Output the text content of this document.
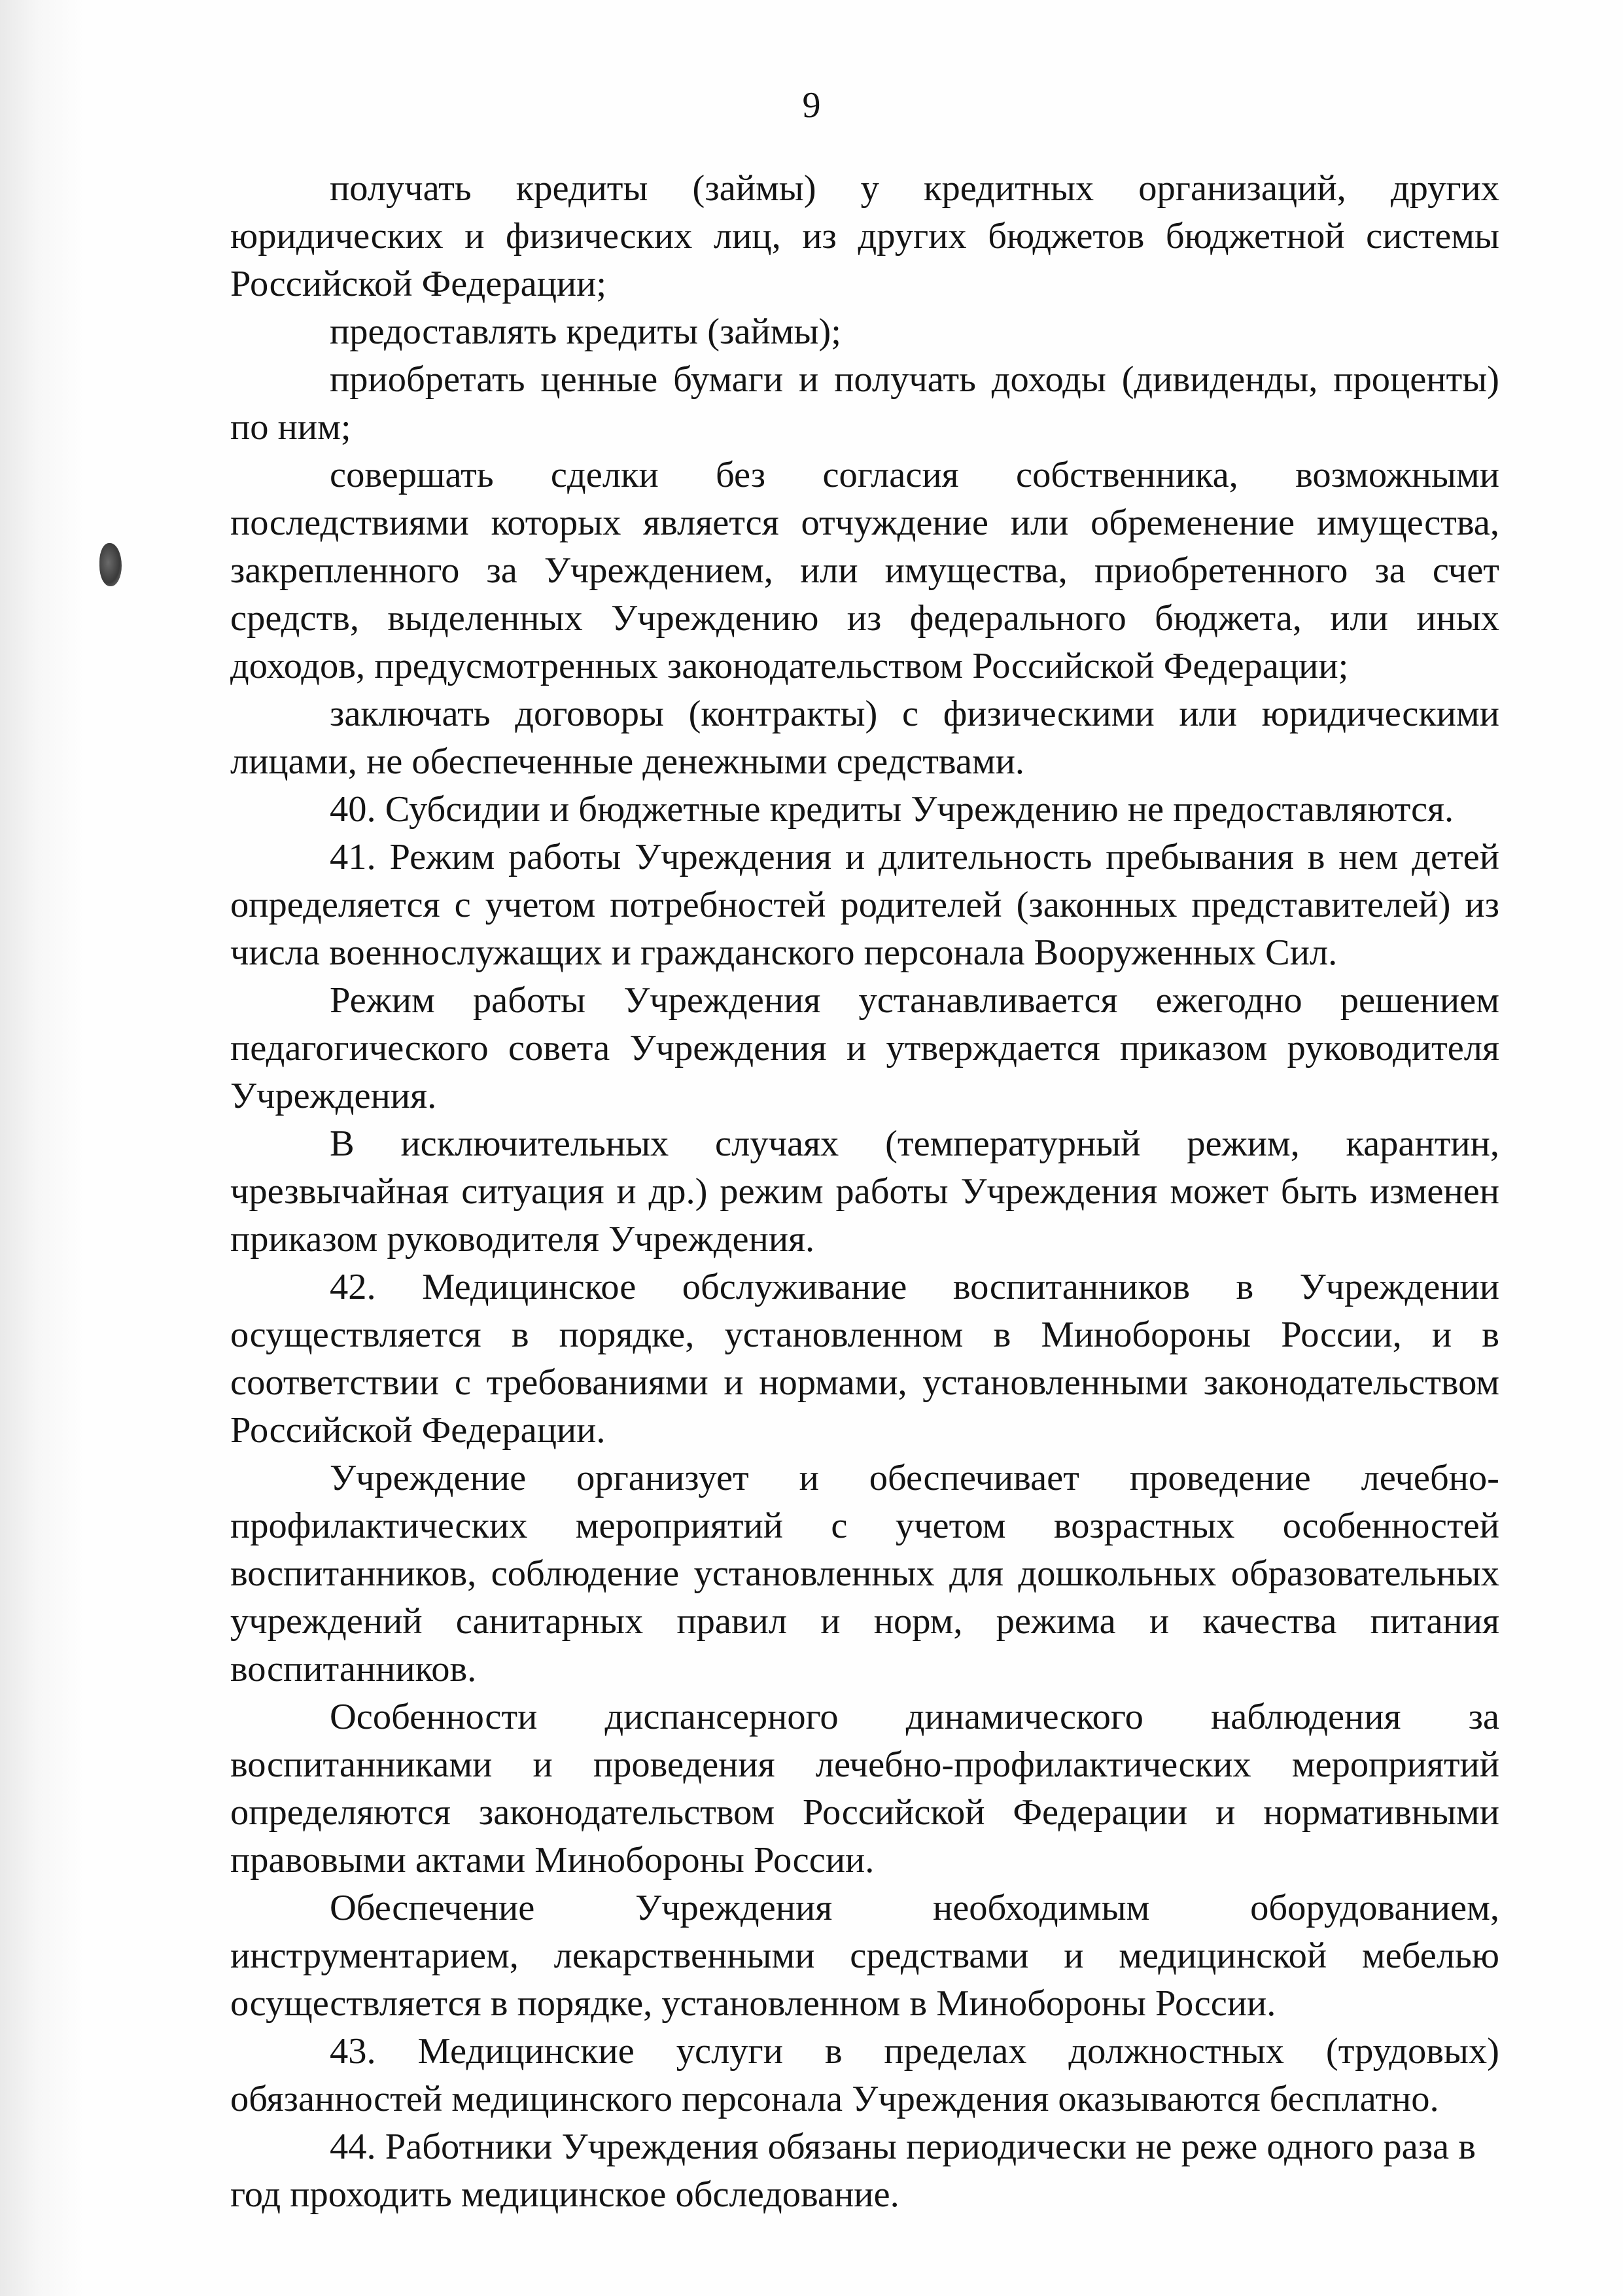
9

получать кредиты (займы) у кредитных организаций, других юридических и физических лиц, из других бюджетов бюджетной системы Российской Федерации;

предоставлять кредиты (займы);

приобретать ценные бумаги и получать доходы (дивиденды, проценты) по ним;

совершать сделки без согласия собственника, возможными последствиями которых является отчуждение или обременение имущества, закрепленного за Учреждением, или имущества, приобретенного за счет средств, выделенных Учреждению из федерального бюджета, или иных доходов, предусмотренных законодательством Российской Федерации;

заключать договоры (контракты) с физическими или юридическими лицами, не обеспеченные денежными средствами.

40. Субсидии и бюджетные кредиты Учреждению не предоставляются.

41. Режим работы Учреждения и длительность пребывания в нем детей определяется с учетом потребностей родителей (законных представителей) из числа военнослужащих и гражданского персонала Вооруженных Сил.

Режим работы Учреждения устанавливается ежегодно решением педагогического совета Учреждения и утверждается приказом руководителя Учреждения.

В исключительных случаях (температурный режим, карантин, чрезвычайная ситуация и др.) режим работы Учреждения может быть изменен приказом руководителя Учреждения.

42. Медицинское обслуживание воспитанников в Учреждении осуществляется в порядке, установленном в Минобороны России, и в соответствии с требованиями и нормами, установленными законодательством Российской Федерации.

Учреждение организует и обеспечивает проведение лечебно-профилактических мероприятий с учетом возрастных особенностей воспитанников, соблюдение установленных для дошкольных образовательных учреждений санитарных правил и норм, режима и качества питания воспитанников.

Особенности диспансерного динамического наблюдения за воспитанниками и проведения лечебно-профилактических мероприятий определяются законодательством Российской Федерации и нормативными правовыми актами Минобороны России.

Обеспечение Учреждения необходимым оборудованием, инструментарием, лекарственными средствами и медицинской мебелью осуществляется в порядке, установленном в Минобороны России.

43. Медицинские услуги в пределах должностных (трудовых) обязанностей медицинского персонала Учреждения оказываются бесплатно.

44. Работники Учреждения обязаны периодически не реже одного раза в год проходить медицинское обследование.
